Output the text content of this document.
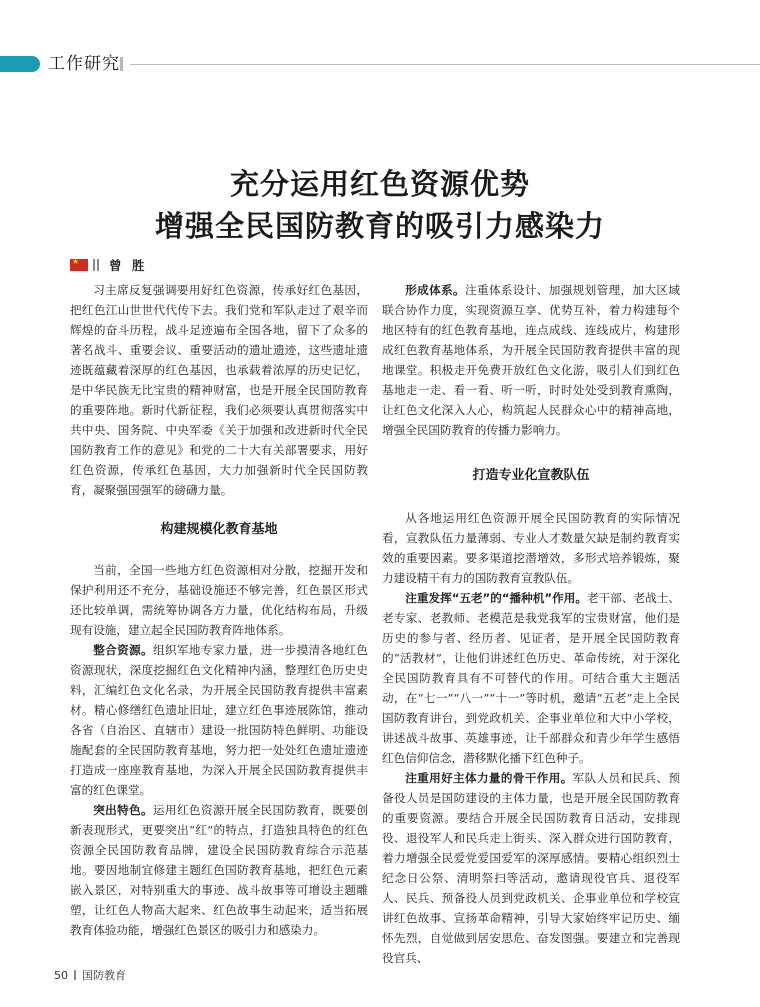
工作研究
充分运用红色资源优势
增强全民国防教育的吸引力感染力
★
曾 胜

习主席反复强调要用好红色资源，传承好红色基因，把红色江山世世代代传下去。我们党和军队走过了艰辛而辉煌的奋斗历程，战斗足迹遍布全国各地，留下了众多的著名战斗、重要会议、重要活动的遗址遗迹，这些遗址遗迹既蕴藏着深厚的红色基因，也承载着浓厚的历史记忆，是中华民族无比宝贵的精神财富，也是开展全民国防教育的重要阵地。新时代新征程，我们必须要认真贯彻落实中共中央、国务院、中央军委《关于加强和改进新时代全民国防教育工作的意见》和党的二十大有关部署要求，用好红色资源，传承红色基因，大力加强新时代全民国防教育，凝聚强国强军的磅礴力量。

构建规模化教育基地

当前，全国一些地方红色资源相对分散，挖掘开发和保护利用还不充分，基础设施还不够完善，红色景区形式还比较单调，需统筹协调各方力量，优化结构布局，升级现有设施，建立起全民国防教育阵地体系。

整合资源。组织军地专家力量，进一步摸清各地红色资源现状，深度挖掘红色文化精神内涵，整理红色历史史料，汇编红色文化名录，为开展全民国防教育提供丰富素材。精心修缮红色遗址旧址，建立红色事迹展陈馆，推动各省（自治区、直辖市）建设一批国防特色鲜明、功能设施配套的全民国防教育基地，努力把一处处红色遗址遗迹打造成一座座教育基地，为深入开展全民国防教育提供丰富的红色课堂。

突出特色。运用红色资源开展全民国防教育，既要创新表现形式，更要突出“红”的特点，打造独具特色的红色资源全民国防教育品牌，建设全民国防教育综合示范基地。要因地制宜修建主题红色国防教育基地，把红色元素嵌入景区，对特别重大的事迹、战斗故事等可增设主题雕塑，让红色人物高大起来、红色故事生动起来，适当拓展教育体验功能，增强红色景区的吸引力和感染力。

形成体系。注重体系设计、加强规划管理，加大区域联合协作力度，实现资源互享、优势互补，着力构建每个地区特有的红色教育基地，连点成线、连线成片，构建形成红色教育基地体系，为开展全民国防教育提供丰富的现地课堂。积极走开免费开放红色文化游，吸引人们到红色基地走一走、看一看、听一听，时时处处受到教育熏陶，让红色文化深入人心，构筑起人民群众心中的精神高地，增强全民国防教育的传播力影响力。

打造专业化宣教队伍

从各地运用红色资源开展全民国防教育的实际情况看，宣教队伍力量薄弱、专业人才数量欠缺是制约教育实效的重要因素。要多渠道挖潜增效，多形式培养锻炼，聚力建设精干有力的国防教育宣教队伍。

注重发挥“五老”的“播种机”作用。老干部、老战士、老专家、老教师、老模范是我党我军的宝贵财富，他们是历史的参与者、经历者、见证者，是开展全民国防教育的“活教材”，让他们讲述红色历史、革命传统，对于深化全民国防教育具有不可替代的作用。可结合重大主题活动，在“七一”“八一”“十一”等时机，邀请“五老”走上全民国防教育讲台，到党政机关、企事业单位和大中小学校，讲述战斗故事、英雄事迹，让千部群众和青少年学生感悟红色信仰信念，潜移默化播下红色种子。

注重用好主体力量的骨干作用。军队人员和民兵、预备役人员是国防建设的主体力量，也是开展全民国防教育的重要资源。要结合开展全民国防教育日活动，安排现役、退役军人和民兵走上街头、深入群众进行国防教育，着力增强全民爱党爱国爱军的深厚感情。要精心组织烈士纪念日公祭、清明祭扫等活动，邀请现役官兵、退役军人、民兵、预备役人员到党政机关、企事业单位和学校宣讲红色故事、宣扬革命精神，引导大家始终牢记历史、缅怀先烈，自觉做到居安思危、奋发图强。要建立和完善现役官兵、

50 国防教育
